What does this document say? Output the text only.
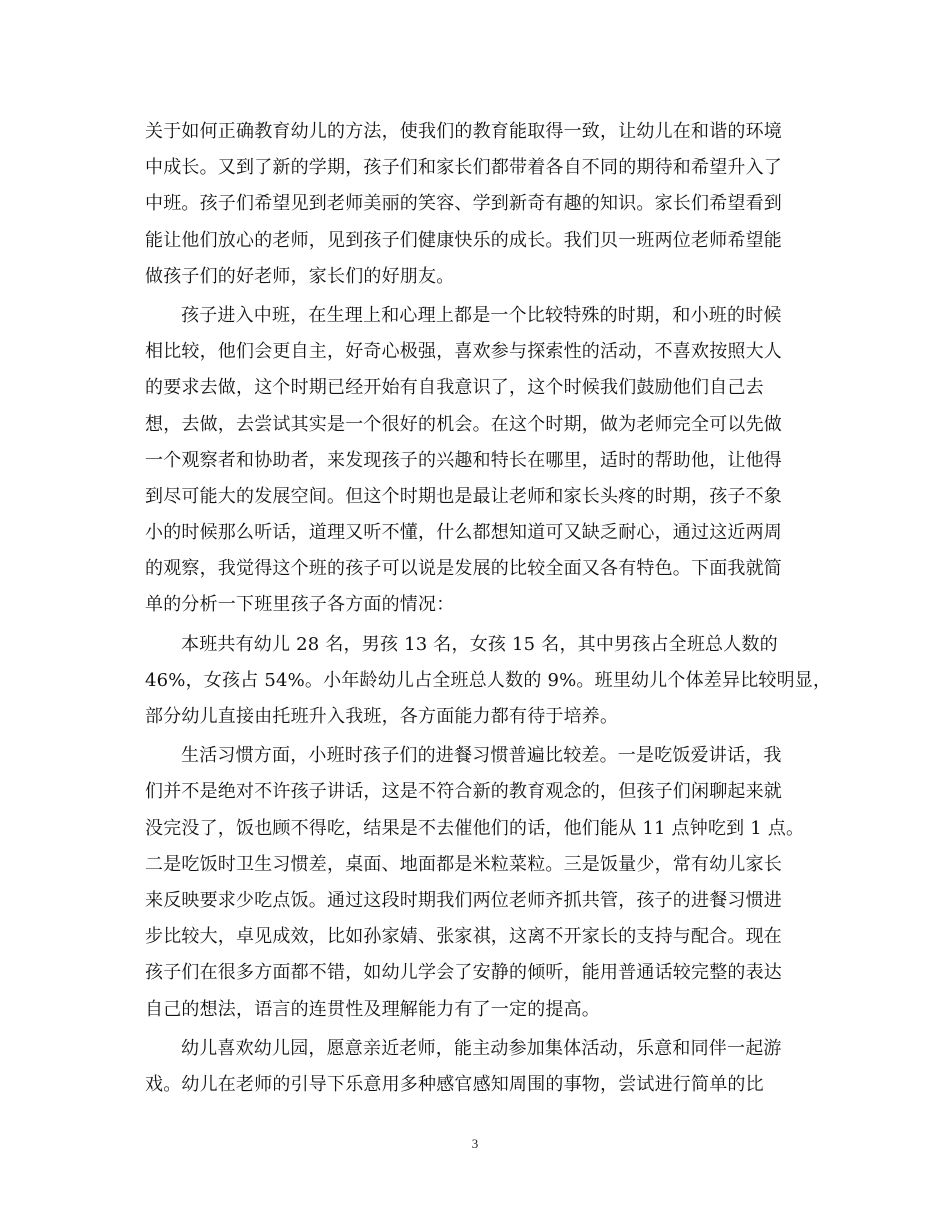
关于如何正确教育幼儿的方法，使我们的教育能取得一致，让幼儿在和谐的环境
中成长。又到了新的学期，孩子们和家长们都带着各自不同的期待和希望升入了
中班。孩子们希望见到老师美丽的笑容、学到新奇有趣的知识。家长们希望看到
能让他们放心的老师，见到孩子们健康快乐的成长。我们贝一班两位老师希望能
做孩子们的好老师，家长们的好朋友。
孩子进入中班，在生理上和心理上都是一个比较特殊的时期，和小班的时候
相比较，他们会更自主，好奇心极强，喜欢参与探索性的活动，不喜欢按照大人
的要求去做，这个时期已经开始有自我意识了，这个时候我们鼓励他们自己去
想，去做，去尝试其实是一个很好的机会。在这个时期，做为老师完全可以先做
一个观察者和协助者，来发现孩子的兴趣和特长在哪里，适时的帮助他，让他得
到尽可能大的发展空间。但这个时期也是最让老师和家长头疼的时期，孩子不象
小的时候那么听话，道理又听不懂，什么都想知道可又缺乏耐心，通过这近两周
的观察，我觉得这个班的孩子可以说是发展的比较全面又各有特色。下面我就简
单的分析一下班里孩子各方面的情况：
本班共有幼儿 28 名，男孩 13 名，女孩 15 名，其中男孩占全班总人数的
46%，女孩占 54%。小年龄幼儿占全班总人数的 9%。班里幼儿个体差异比较明显，
部分幼儿直接由托班升入我班，各方面能力都有待于培养。
生活习惯方面，小班时孩子们的进餐习惯普遍比较差。一是吃饭爱讲话，我
们并不是绝对不许孩子讲话，这是不符合新的教育观念的，但孩子们闲聊起来就
没完没了，饭也顾不得吃，结果是不去催他们的话，他们能从 11 点钟吃到 1 点。
二是吃饭时卫生习惯差，桌面、地面都是米粒菜粒。三是饭量少，常有幼儿家长
来反映要求少吃点饭。通过这段时期我们两位老师齐抓共管，孩子的进餐习惯进
步比较大，卓见成效，比如孙家婧、张家祺，这离不开家长的支持与配合。现在
孩子们在很多方面都不错，如幼儿学会了安静的倾听，能用普通话较完整的表达
自己的想法，语言的连贯性及理解能力有了一定的提高。
幼儿喜欢幼儿园，愿意亲近老师，能主动参加集体活动，乐意和同伴一起游
戏。幼儿在老师的引导下乐意用多种感官感知周围的事物，尝试进行简单的比
3
